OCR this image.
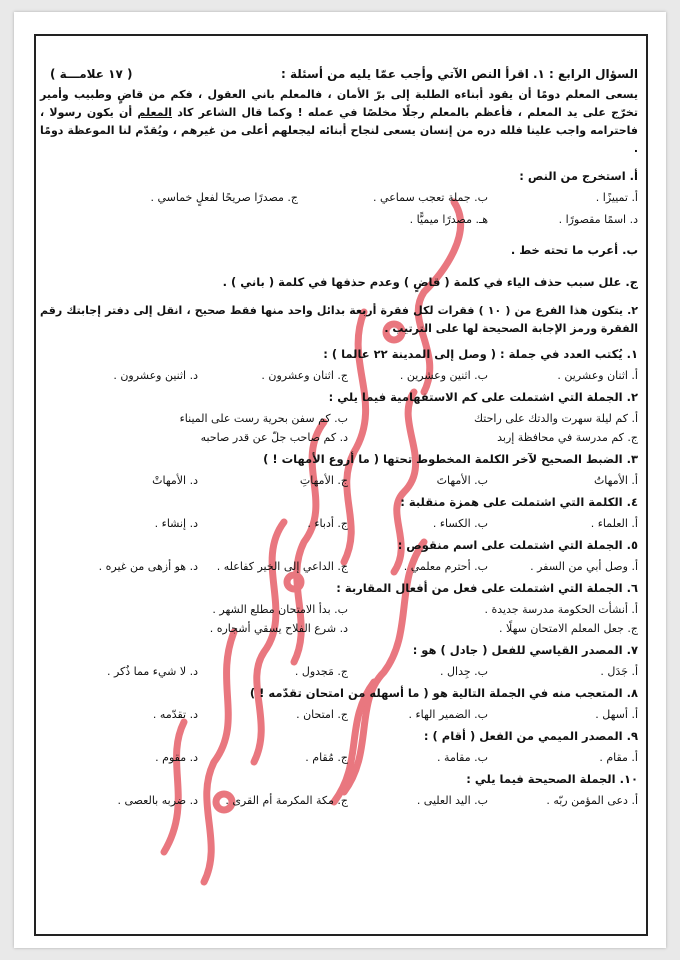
السؤال الرابع : ١. اقرأ النص الآتي وأجب عمّا يليه من أسئلة :
( ١٧ علامـــة )
يسعى المعلم دومًا أن يقود أبناءه الطلبة إلى برّ الأمان ، فالمعلم باني العقول ، فكم من قاضٍ وطبيب وأمير تخرّج على يد المعلم ، فأعظم بالمعلم رجلًا مخلصًا في عمله ! وكما قال الشاعر كاد المعلم أن يكون رسولا ، فاحترامه واجب علينا فلله دره من إنسان يسعى لنجاح أبنائه ليجعلهم أعلى من غيرهم ، ويُقدّم لنا الموعظة دومًا .
أ. استخرج من النص :
أ. تمييزًا .
ب. جملة تعجب سماعي .
ج. مصدرًا صريحًا لفعلٍ خماسي .
د. اسمًا مقصورًا .
هـ. مصدرًا ميميًّا .
ب. أعرب ما تحته خط .
ج. علل سبب حذف الياء في كلمة ( قاضٍ ) وعدم حذفها في كلمة ( باني ) .
٢. يتكون هذا الفرع من ( ١٠ ) فقرات لكل فقرة أربعة بدائل واحد منها فقط صحيح ، انقل إلى دفتر إجابتك رقم الفقرة ورمز الإجابة الصحيحة لها على الترتيب .
١. يُكتب العدد في جملة : ( وصل إلى المدينة ٢٢ عالما ) :
أ. اثنان وعشرين .
ب. اثنين وعشرين .
ج. اثنان وعشرون .
د. اثنين وعشرون .
٢. الجملة التي اشتملت على كم الاستفهامية فيما يلي :
أ. كم ليلة سهرت والدتك على راحتك
ب. كم سفن بحرية رست على الميناء
ج. كم مدرسة في محافظة إربد
د. كم صاحب جلّ عن قدر صاحبه
٣. الضبط الصحيح لآخر الكلمة المخطوط تحتها ( ما أروع الأمهات ! )
أ. الأمهاتُ
ب. الأمهاتَ
ج. الأمهاتِ
د. الأمهاتْ
٤. الكلمة التي اشتملت على همزة منقلبة :
أ. العلماء .
ب. الكساء .
ج. أدباء .
د. إنشاء .
٥. الجملة التي اشتملت على اسم منقوص :
أ. وصل أبي من السفر .
ب. أحترم معلمي .
ج. الداعي إلى الخير كفاعله .
د. هو أزهى من غيره .
٦. الجملة التي اشتملت على فعل من أفعال المقاربة :
أ. أنشأت الحكومة مدرسة جديدة .
ب. بدأ الامتحان مطلع الشهر .
ج. جعل المعلم الامتحان سهلًا .
د. شرع الفلاح يسقي أشجاره .
٧. المصدر القياسي للفعل ( جادل ) هو :
أ. جَدَل .
ب. جِدال .
ج. مَجدول .
د. لا شيء مما ذُكر .
٨. المتعجب منه في الجملة التالية هو ( ما أسهله من امتحان تقدّمه ! )
أ. أسهل .
ب. الضمير الهاء .
ج. امتحان .
د. تقدّمه .
٩. المصدر الميمي من الفعل ( أقام ) :
أ. مقام .
ب. مقامة .
ج. مُقام .
د. مقوم .
١٠. الجملة الصحيحة فيما يلي :
أ. دعى المؤمن ربّه .
ب. اليد العليى .
ج. مكة المكرمة أم القرى .
د. ضربه بالعصى .
